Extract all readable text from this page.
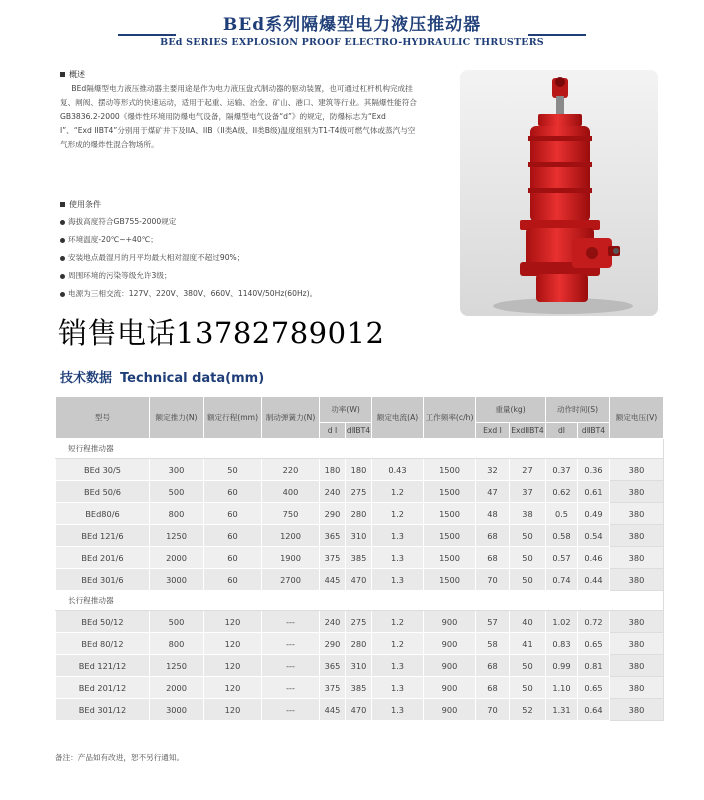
BEd系列隔爆型电力液压推动器
BEd SERIES EXPLOSION PROOF ELECTRO-HYDRAULIC THRUSTERS
概述
BEd隔爆型电力液压推动器主要用途是作为电力液压盘式制动器的驱动装置，也可通过杠杆机构完成挂复、闸阀、摆动等形式的快速运动，适用于起重、运输、冶金、矿山、港口、建筑等行业。其隔爆性能符合GB3836.2-2000《爆炸性环境用防爆电气设备，隔爆型电气设备“d”》的规定，防爆标志为“Exd I”、“Exd IIBT4”分别用于煤矿井下及IIA、IIB（II类A级、II类B级)温度组别为T1-T4级可燃气体或蒸汽与空气形成的爆炸性混合物场所。
使用条件
海拔高度符合GB755-2000规定
环境温度-20℃~+40℃；
安装地点最湿月的月平均最大相对湿度不超过90%；
周围环境的污染等级允许3级；
电源为三相交流：127V、220V、380V、660V、1140V/50Hz(60Hz)。
销售电话13782789012
技术数据 Technical data(mm)
型号	额定推力(N)	额定行程(mm)	制动弹簧力(N)	功率(W)		额定电流(A)	工作频率(c/h)	重量(kg)		动作时间(S)		额定电压(V)
				d Ⅰ	dⅡBT4			Exd Ⅰ	ExdⅡBT4	dⅠ	dⅡBT4	
短行程推动器												
BEd 30/5	300	50	220	180	180	0.43	1500	32	27	0.37	0.36	380
BEd 50/6	500	60	400	240	275	1.2	1500	47	37	0.62	0.61	380
BEd80/6	800	60	750	290	280	1.2	1500	48	38	0.5	0.49	380
BEd 121/6	1250	60	1200	365	310	1.3	1500	68	50	0.58	0.54	380
BEd 201/6	2000	60	1900	375	385	1.3	1500	68	50	0.57	0.46	380
BEd 301/6	3000	60	2700	445	470	1.3	1500	70	50	0.74	0.44	380
长行程推动器												
BEd 50/12	500	120	---	240	275	1.2	900	57	40	1.02	0.72	380
BEd 80/12	800	120	---	290	280	1.2	900	58	41	0.83	0.65	380
BEd 121/12	1250	120	---	365	310	1.3	900	68	50	0.99	0.81	380
BEd 201/12	2000	120	---	375	385	1.3	900	68	50	1.10	0.65	380
BEd 301/12	3000	120	---	445	470	1.3	900	70	52	1.31	0.64	380
备注：产品如有改进，恕不另行通知。
